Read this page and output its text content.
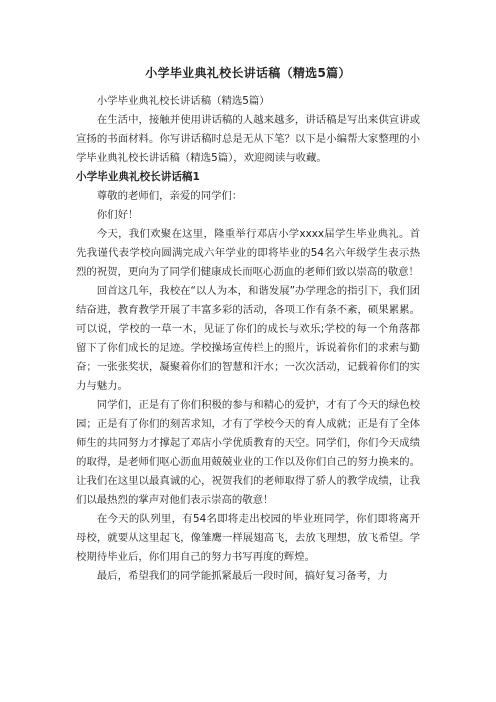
小学毕业典礼校长讲话稿（精选5篇）

小学毕业典礼校长讲话稿（精选5篇）

在生活中，接触并使用讲话稿的人越来越多，讲话稿是写出来供宣讲或宣扬的书面材料。你写讲话稿时总是无从下笔？以下是小编帮大家整理的小学毕业典礼校长讲话稿（精选5篇），欢迎阅读与收藏。

小学毕业典礼校长讲话稿1

尊敬的老师们，亲爱的同学们：

你们好！

今天，我们欢聚在这里，隆重举行邓店小学xxxx届学生毕业典礼。首先我谨代表学校向圆满完成六年学业的即将毕业的54名六年级学生表示热烈的祝贺，更向为了同学们健康成长而呕心沥血的老师们致以崇高的敬意！

回首这几年，我校在“以人为本，和谐发展”办学理念的指引下，我们团结奋进，教育教学开展了丰富多彩的活动，各项工作有条不紊，硕果累累。可以说，学校的一草一木，见证了你们的成长与欢乐;学校的每一个角落都留下了你们成长的足迹。学校操场宣传栏上的照片，诉说着你们的求索与勤奋；一张张奖状，凝聚着你们的智慧和汗水；一次次活动，记载着你们的实力与魅力。

同学们，正是有了你们积极的参与和精心的爱护，才有了今天的绿色校园；正是有了你们的刻苦求知，才有了学校今天的育人成就；正是有了全体师生的共同努力才撑起了邓店小学优质教育的天空。同学们，你们今天成绩的取得，是老师们呕心沥血用兢兢业业的工作以及你们自己的努力换来的。让我们在这里以最真诚的心，祝贺我们的老师取得了骄人的教学成绩，让我们以最热烈的掌声对他们表示崇高的敬意！

在今天的队列里，有54名即将走出校园的毕业班同学，你们即将离开母校，就要从这里起飞，像雏鹰一样展翅高飞，去放飞理想，放飞希望。学校期待毕业后，你们用自己的努力书写再度的辉煌。

最后，希望我们的同学能抓紧最后一段时间，搞好复习备考，力
